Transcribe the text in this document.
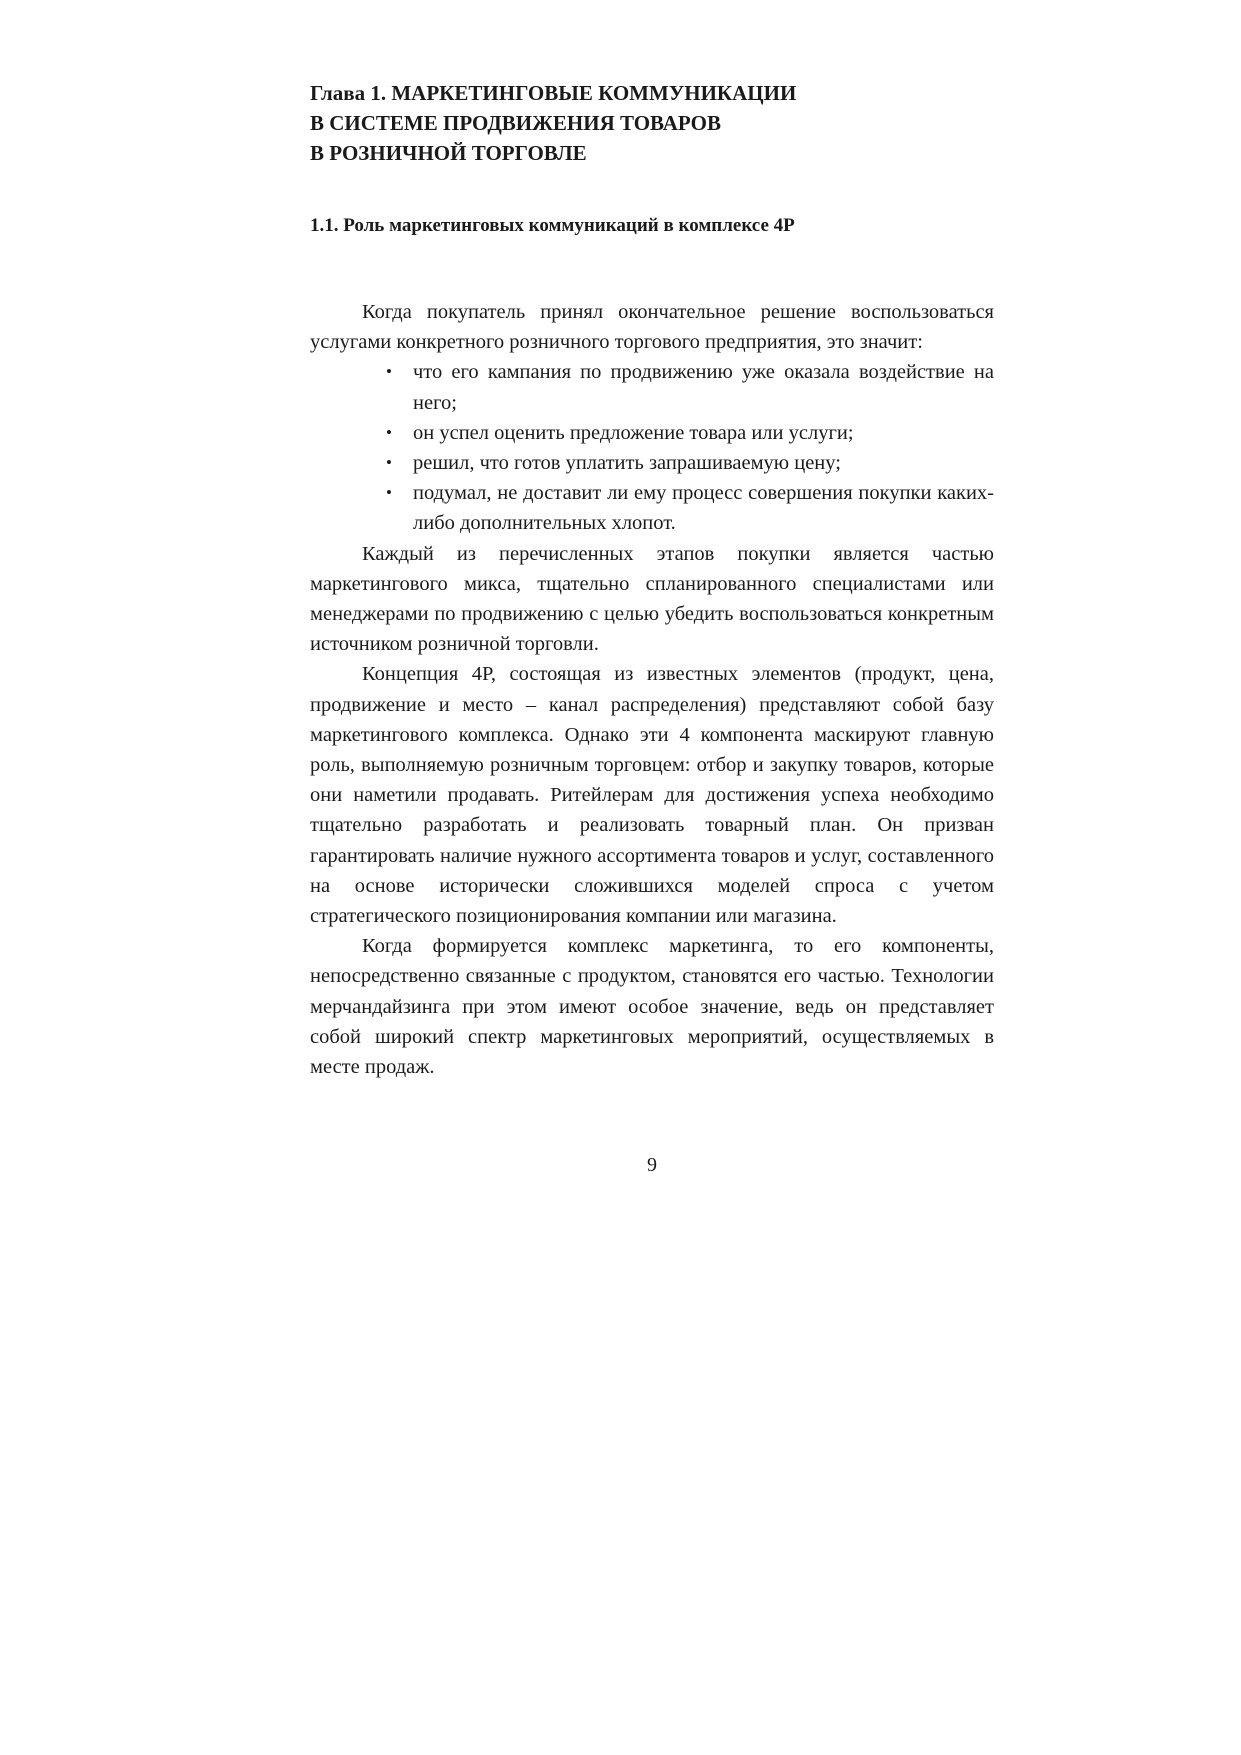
Глава 1. МАРКЕТИНГОВЫЕ КОММУНИКАЦИИ
В СИСТЕМЕ ПРОДВИЖЕНИЯ ТОВАРОВ
В РОЗНИЧНОЙ ТОРГОВЛЕ
1.1. Роль маркетинговых коммуникаций в комплексе 4Р

Когда покупатель принял окончательное решение воспользоваться услугами конкретного розничного торгового предприятия, это значит:

• что его кампания по продвижению уже оказала воздействие на него;
• он успел оценить предложение товара или услуги;
• решил, что готов уплатить запрашиваемую цену;
• подумал, не доставит ли ему процесс совершения покупки каких-либо дополнительных хлопот.

Каждый из перечисленных этапов покупки является частью маркетингового микса, тщательно спланированного специалистами или менеджерами по продвижению с целью убедить воспользоваться конкретным источником розничной торговли.

Концепция 4Р, состоящая из известных элементов (продукт, цена, продвижение и место – канал распределения) представляют собой базу маркетингового комплекса. Однако эти 4 компонента маскируют главную роль, выполняемую розничным торговцем: отбор и закупку товаров, которые они наметили продавать. Ритейлерам для достижения успеха необходимо тщательно разработать и реализовать товарный план. Он призван гарантировать наличие нужного ассортимента товаров и услуг, составленного на основе исторически сложившихся моделей спроса с учетом стратегического позиционирования компании или магазина.

Когда формируется комплекс маркетинга, то его компоненты, непосредственно связанные с продуктом, становятся его частью. Технологии мерчандайзинга при этом имеют особое значение, ведь он представляет собой широкий спектр маркетинговых мероприятий, осуществляемых в месте продаж.

9
